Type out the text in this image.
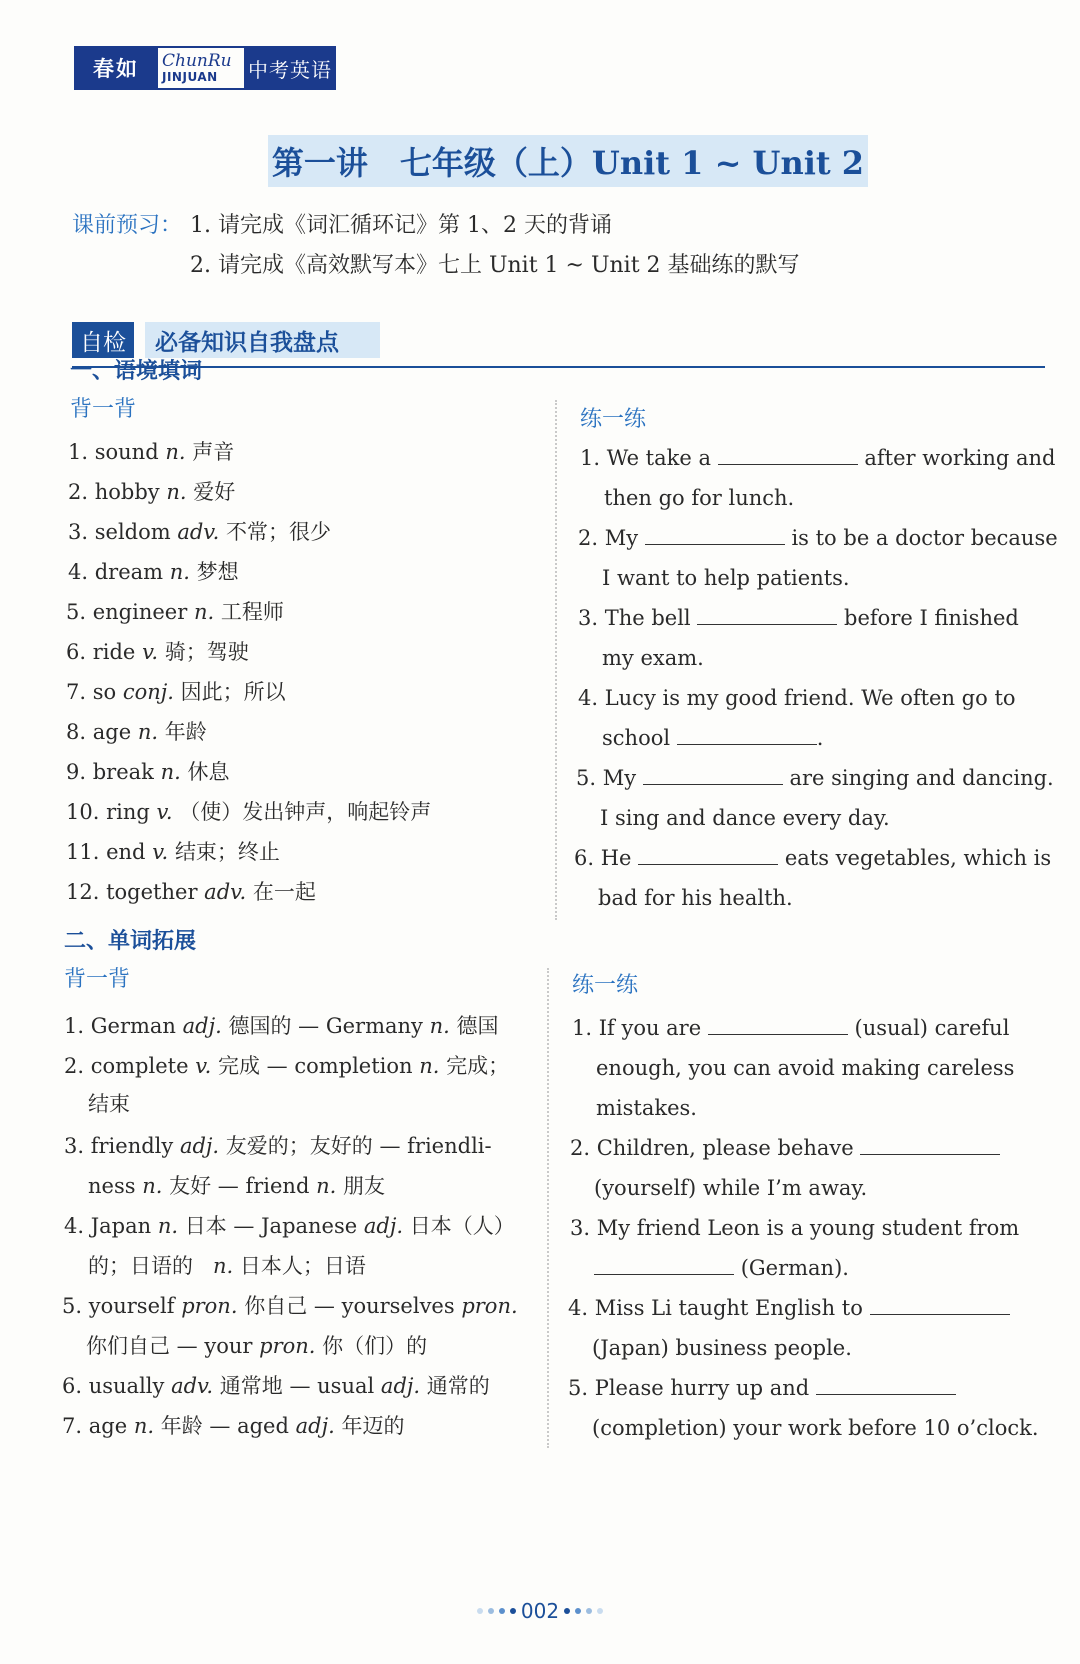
春如	ChunRu
JINJUAN	中考英语
第一讲　七年级（上）Unit 1 ~ Unit 2
课前预习： 1. 请完成《词汇循环记》第 1、2 天的背诵
2. 请完成《高效默写本》七上 Unit 1 ~ Unit 2 基础练的默写
自检	必备知识自我盘点
一、语境填词
背一背	练一练
1. sound n. 声音
2. hobby n. 爱好
3. seldom adv. 不常；很少
4. dream n. 梦想
5. engineer n. 工程师
6. ride v. 骑；驾驶
7. so conj. 因此；所以
8. age n. 年龄
9. break n. 休息
10. ring v. （使）发出钟声，响起铃声
11. end v. 结束；终止
12. together adv. 在一起
1. We take a	after working and
then go for lunch.
2. My	is to be a doctor because
I want to help patients.
3. The bell	before I finished
my exam.
4. Lucy is my good friend. We often go to
school	.
5. My	are singing and dancing.
I sing and dance every day.
6. He	eats vegetables, which is
bad for his health.
二、单词拓展
背一背	练一练
1. German adj. 德国的 — Germany n. 德国
2. complete v. 完成 — completion n. 完成；
结束
3. friendly adj. 友爱的；友好的 — friendli-
ness n. 友好 — friend n. 朋友
4. Japan n. 日本 — Japanese adj. 日本（人）
的；日语的 n. 日本人；日语
5. yourself pron. 你自己 — yourselves pron.
你们自己 — your pron. 你（们）的
6. usually adv. 通常地 — usual adj. 通常的
7. age n. 年龄 — aged adj. 年迈的
1. If you are	(usual) careful
enough, you can avoid making careless
mistakes.
2. Children, please behave
(yourself) while I’m away.
3. My friend Leon is a young student from
(German).
4. Miss Li taught English to
(Japan) business people.
5. Please hurry up and
(completion) your work before 10 o’clock.
002
